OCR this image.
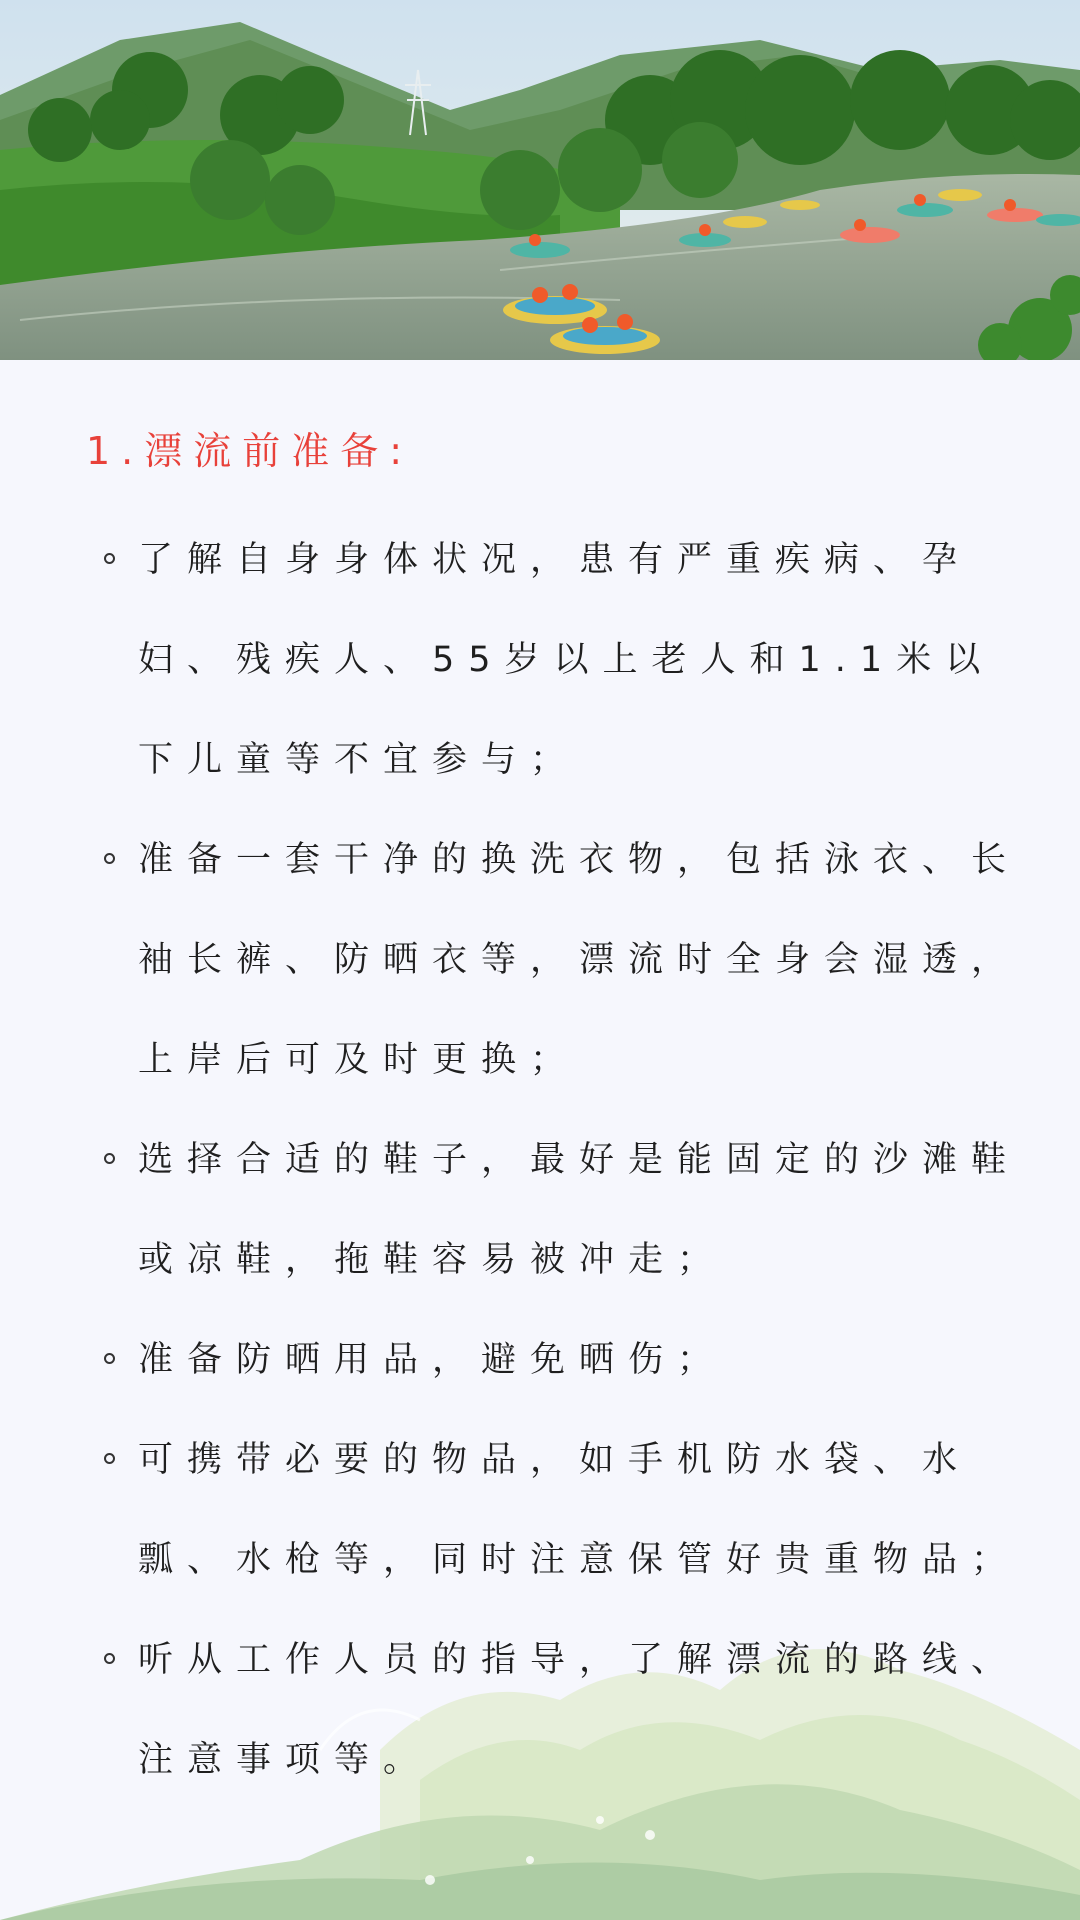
1.漂流前准备:
了解自身身体状况，患有严重疾病、孕妇、残疾人、55岁以上老人和1.1米以下儿童等不宜参与；
准备一套干净的换洗衣物，包括泳衣、长袖长裤、防晒衣等，漂流时全身会湿透，上岸后可及时更换；
选择合适的鞋子，最好是能固定的沙滩鞋或凉鞋，拖鞋容易被冲走；
准备防晒用品，避免晒伤；
可携带必要的物品，如手机防水袋、水瓢、水枪等，同时注意保管好贵重物品；
听从工作人员的指导，了解漂流的路线、注意事项等。
